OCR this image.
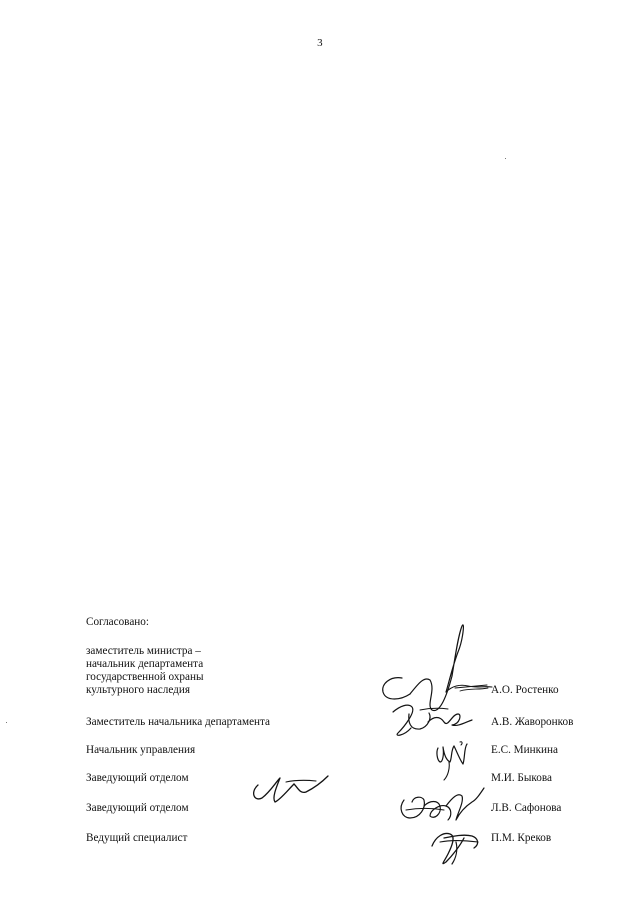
3
Согласовано:
заместитель министра –
начальник департамента
государственной охраны
культурного наследия	А.О. Ростенко
Заместитель начальника департамента	А.В. Жаворонков
Начальник управления	Е.С. Минкина
Заведующий отделом	М.И. Быкова
Заведующий отделом	Л.В. Сафонова
Ведущий специалист	П.М. Креков
